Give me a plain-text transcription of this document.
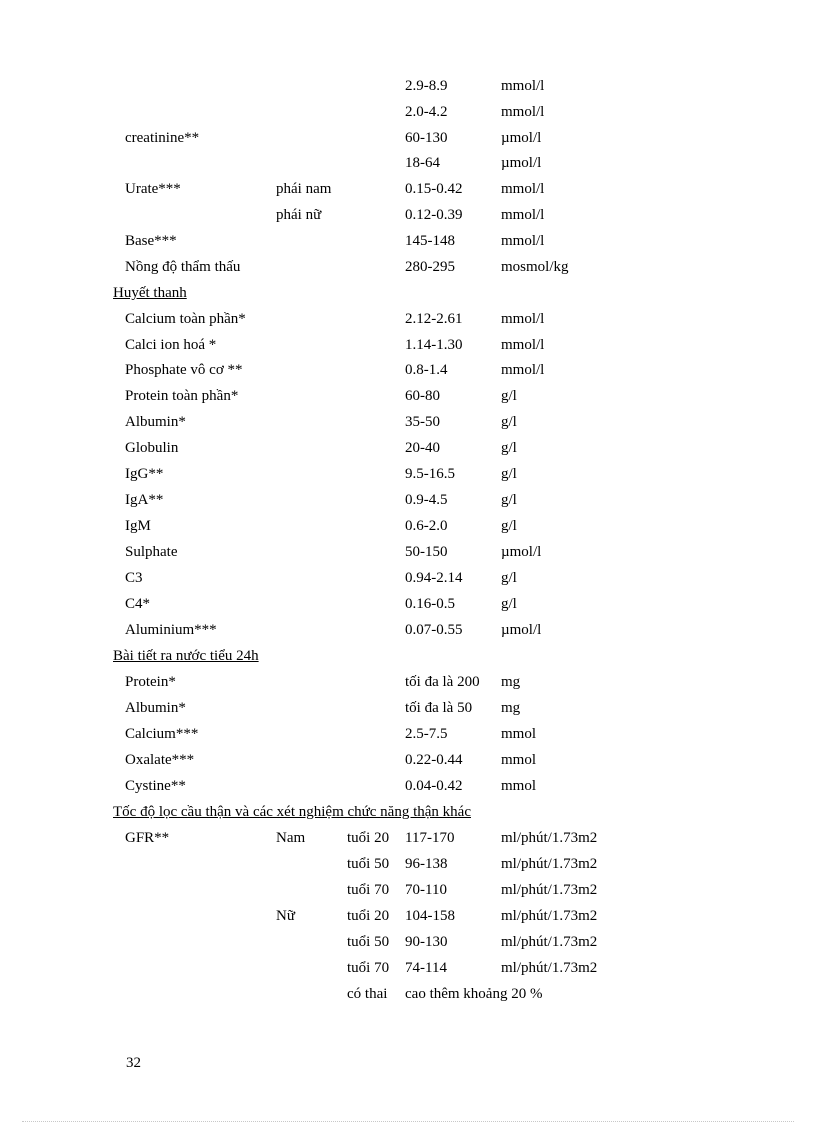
2.9-8.9	mmol/l
2.0-4.2	mmol/l
creatinine**	60-130	µmol/l
18-64	µmol/l
Urate***	phái nam	0.15-0.42	mmol/l
phái nữ	0.12-0.39	mmol/l
Base***	145-148	mmol/l
Nồng độ thẩm thấu	280-295	mosmol/kg
Huyết thanh
Calcium toàn phần*	2.12-2.61	mmol/l
Calci ion hoá *	1.14-1.30	mmol/l
Phosphate vô cơ **	0.8-1.4	mmol/l
Protein toàn phần*	60-80	g/l
Albumin*	35-50	g/l
Globulin	20-40	g/l
IgG**	9.5-16.5	g/l
IgA**	0.9-4.5	g/l
IgM	0.6-2.0	g/l
Sulphate	50-150	µmol/l
C3	0.94-2.14	g/l
C4*	0.16-0.5	g/l
Aluminium***	0.07-0.55	µmol/l
Bài tiết ra nước tiểu 24h
Protein*	tối đa là 200 mg
Albumin*	tối đa là 50 mg
Calcium***	2.5-7.5	mmol
Oxalate***	0.22-0.44	mmol
Cystine**	0.04-0.42	mmol
Tốc độ lọc cầu thận và các xét nghiệm chức năng thận khác
GFR**	Nam	tuổi 20 117-170	ml/phút/1.73m2
tuổi 50 96-138	ml/phút/1.73m2
tuổi 70 70-110	ml/phút/1.73m2
Nữ	tuổi 20 104-158	ml/phút/1.73m2
tuổi 50 90-130	ml/phút/1.73m2
tuổi 70 74-114	ml/phút/1.73m2
có thai cao thêm khoảng 20 %
32
